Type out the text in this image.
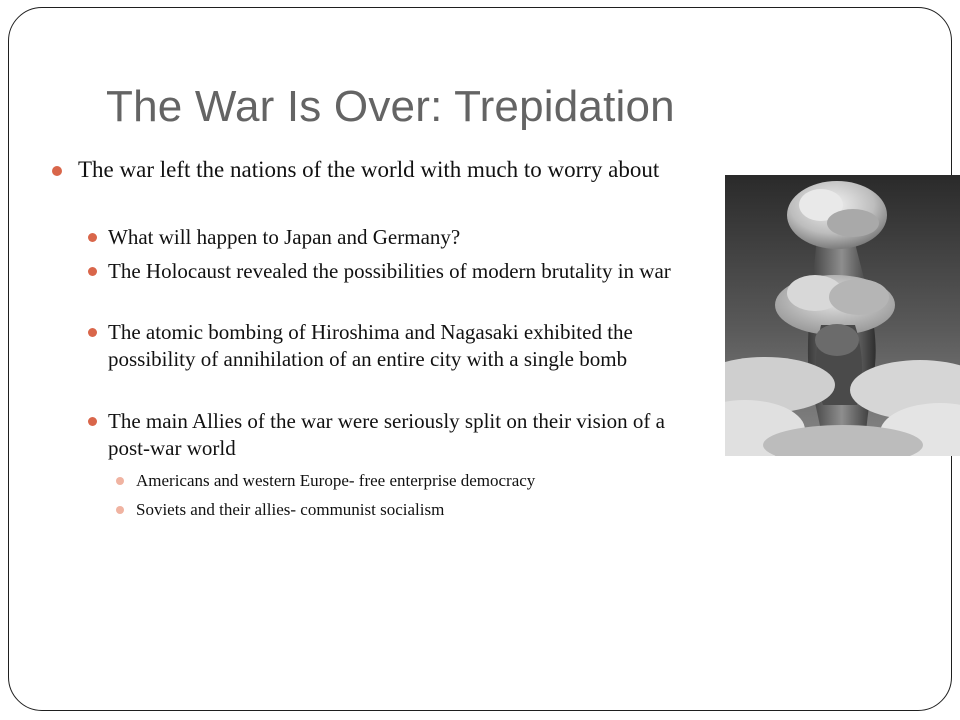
The War Is Over: Trepidation
The war left the nations of the world with much to worry about
What will happen to Japan and Germany?
The Holocaust revealed the possibilities of modern brutality in war
The atomic bombing of Hiroshima and Nagasaki exhibited the possibility of annihilation of an entire city with a single bomb
The main Allies of the war were seriously split on their vision of a post-war world
Americans and western Europe- free enterprise democracy
Soviets and their allies- communist socialism
